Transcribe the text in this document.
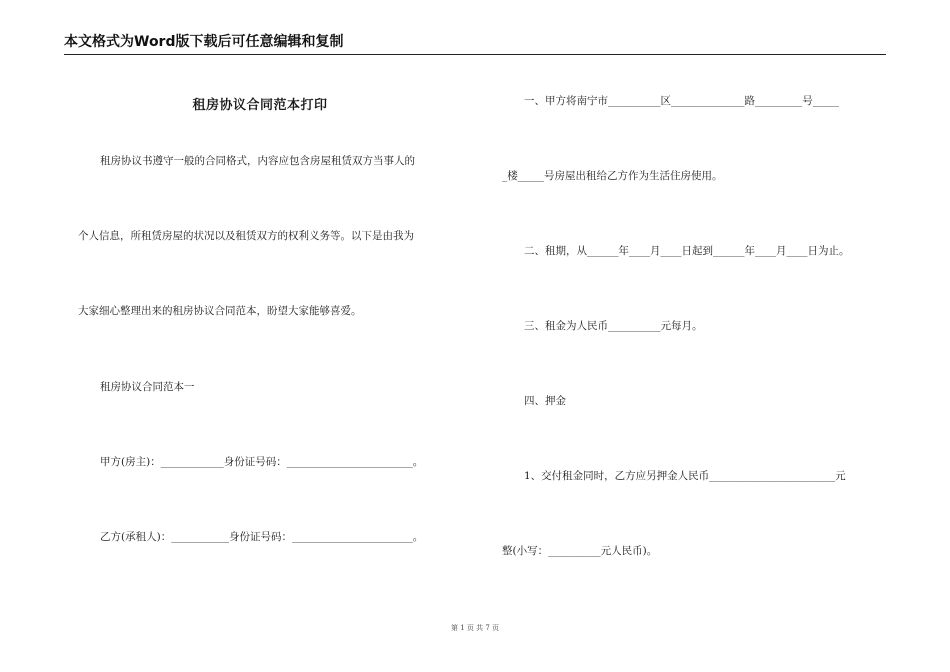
本文格式为Word版下载后可任意编辑和复制
租房协议合同范本打印
租房协议书遵守一般的合同格式，内容应包含房屋租赁双方当事人的
个人信息，所租赁房屋的状况以及租赁双方的权利义务等。以下是由我为
大家细心整理出来的租房协议合同范本，盼望大家能够喜爱。
租房协议合同范本一
甲方(房主)：____________身份证号码：________________________。
乙方(承租人)：___________身份证号码：_______________________。
一、甲方将南宁市__________区______________路_________号_____
_楼_____号房屋出租给乙方作为生活住房使用。
二、租期，从______年____月____日起到______年____月____日为止。
三、租金为人民币__________元每月。
四、押金
1、交付租金同时，乙方应另押金人民币________________________元
整(小写：__________元人民币)。
第 1 页 共 7 页
